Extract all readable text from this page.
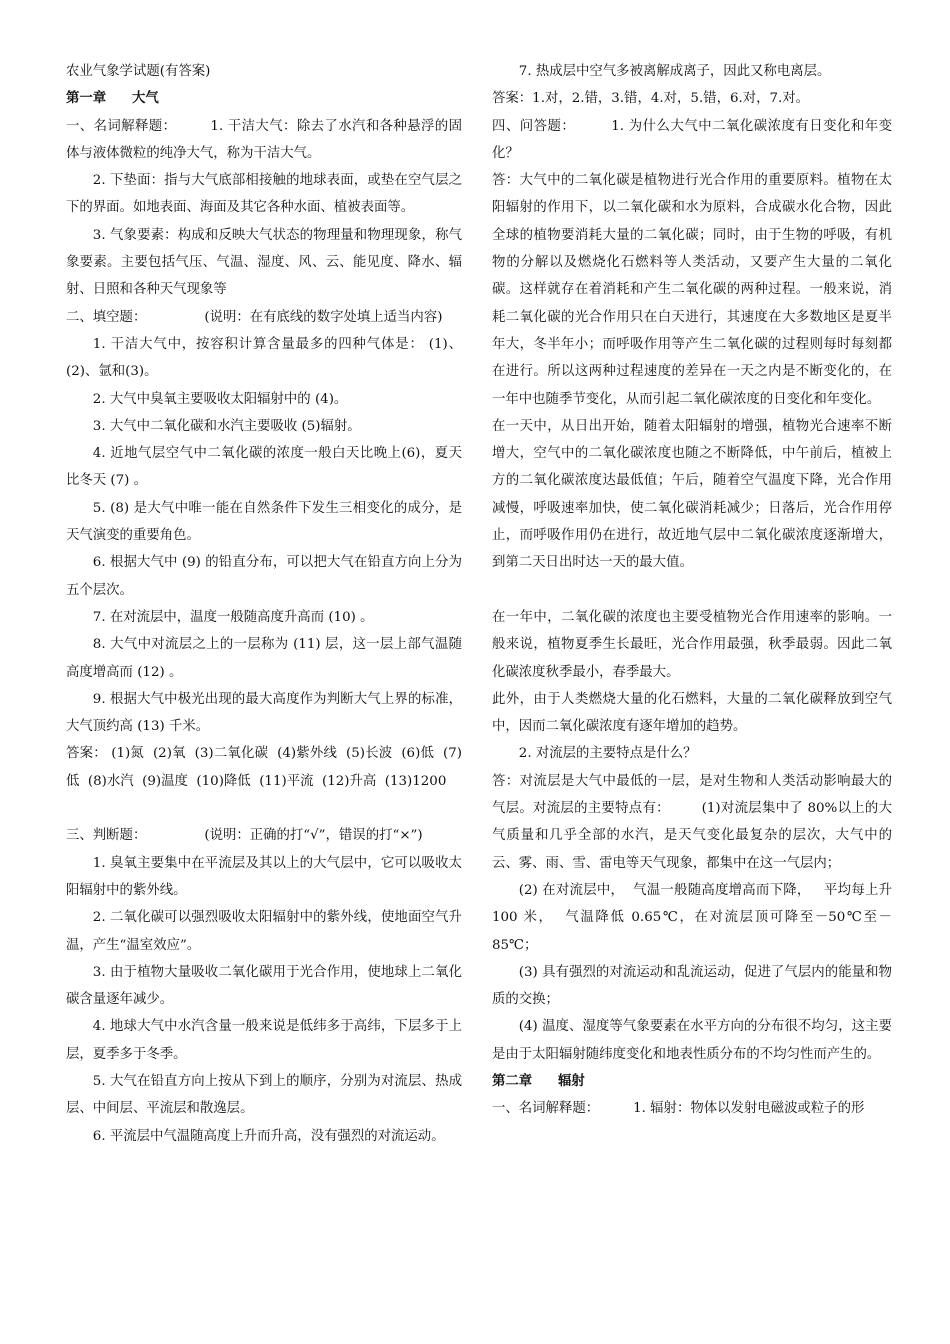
农业气象学试题(有答案)

第一章 大气

一、名词解释题：	1. 干洁大气：除去了水汽和各种悬浮的固体与液体微粒的纯净大气，称为干洁大气。

2. 下垫面：指与大气底部相接触的地球表面，或垫在空气层之下的界面。如地表面、海面及其它各种水面、植被表面等。

3. 气象要素：构成和反映大气状态的物理量和物理现象，称气象要素。主要包括气压、气温、湿度、风、云、能见度、降水、辐射、日照和各种天气现象等

二、填空题：	(说明：在有底线的数字处填上适当内容)

1. 干洁大气中，按容积计算含量最多的四种气体是： (1)、(2)、氩和(3)。

2. 大气中臭氧主要吸收太阳辐射中的 (4)。

3. 大气中二氧化碳和水汽主要吸收 (5)辐射。

4. 近地气层空气中二氧化碳的浓度一般白天比晚上(6)，夏天比冬天 (7) 。

5. (8) 是大气中唯一能在自然条件下发生三相变化的成分，是天气演变的重要角色。

6. 根据大气中 (9) 的铅直分布，可以把大气在铅直方向上分为五个层次。

7. 在对流层中，温度一般随高度升高而 (10) 。

8. 大气中对流层之上的一层称为 (11) 层，这一层上部气温随高度增高而 (12) 。

9. 根据大气中极光出现的最大高度作为判断大气上界的标准，大气顶约高 (13) 千米。

答案： (1)氮  (2)氧  (3)二氧化碳  (4)紫外线  (5)长波  (6)低  (7)低  (8)水汽  (9)温度  (10)降低  (11)平流  (12)升高  (13)1200

三、判断题：	(说明：正确的打“√”，错误的打“×”)

1. 臭氧主要集中在平流层及其以上的大气层中，它可以吸收太阳辐射中的紫外线。

2. 二氧化碳可以强烈吸收太阳辐射中的紫外线，使地面空气升温，产生“温室效应”。

3. 由于植物大量吸收二氧化碳用于光合作用，使地球上二氧化碳含量逐年减少。

4. 地球大气中水汽含量一般来说是低纬多于高纬，下层多于上层，夏季多于冬季。

5. 大气在铅直方向上按从下到上的顺序，分别为对流层、热成层、中间层、平流层和散逸层。

6. 平流层中气温随高度上升而升高，没有强烈的对流运动。

7. 热成层中空气多被离解成离子，因此又称电离层。

答案：1.对，2.错，3.错，4.对，5.错，6.对，7.对。

四、问答题：	1. 为什么大气中二氧化碳浓度有日变化和年变化？

答：大气中的二氧化碳是植物进行光合作用的重要原料。植物在太阳辐射的作用下，以二氧化碳和水为原料，合成碳水化合物，因此全球的植物要消耗大量的二氧化碳；同时，由于生物的呼吸，有机物的分解以及燃烧化石燃料等人类活动，又要产生大量的二氧化碳。这样就存在着消耗和产生二氧化碳的两种过程。一般来说，消耗二氧化碳的光合作用只在白天进行，其速度在大多数地区是夏半年大，冬半年小；而呼吸作用等产生二氧化碳的过程则每时每刻都在进行。所以这两种过程速度的差异在一天之内是不断变化的，在一年中也随季节变化，从而引起二氧化碳浓度的日变化和年变化。

在一天中，从日出开始，随着太阳辐射的增强，植物光合速率不断增大，空气中的二氧化碳浓度也随之不断降低，中午前后，植被上方的二氧化碳浓度达最低值；午后，随着空气温度下降，光合作用减慢，呼吸速率加快，使二氧化碳消耗减少；日落后，光合作用停止，而呼吸作用仍在进行，故近地气层中二氧化碳浓度逐渐增大，到第二天日出时达一天的最大值。

在一年中，二氧化碳的浓度也主要受植物光合作用速率的影响。一般来说，植物夏季生长最旺，光合作用最强，秋季最弱。因此二氧化碳浓度秋季最小，春季最大。

此外，由于人类燃烧大量的化石燃料，大量的二氧化碳释放到空气中，因而二氧化碳浓度有逐年增加的趋势。

2. 对流层的主要特点是什么？

答：对流层是大气中最低的一层，是对生物和人类活动影响最大的气层。对流层的主要特点有：       (1)对流层集中了 80%以上的大气质量和几乎全部的水汽，是天气变化最复杂的层次，大气中的云、雾、雨、雪、雷电等天气现象，都集中在这一气层内；

(2) 在对流层中，  气温一般随高度增高而下降，   平均每上升 100 米，  气温降低 0.65℃，在对流层顶可降至－50℃至－85℃；

(3) 具有强烈的对流运动和乱流运动，促进了气层内的能量和物质的交换；

(4) 温度、湿度等气象要素在水平方向的分布很不均匀，这主要是由于太阳辐射随纬度变化和地表性质分布的不均匀性而产生的。

第二章 辐射

一、名词解释题：	1. 辐射：物体以发射电磁波或粒子的形
